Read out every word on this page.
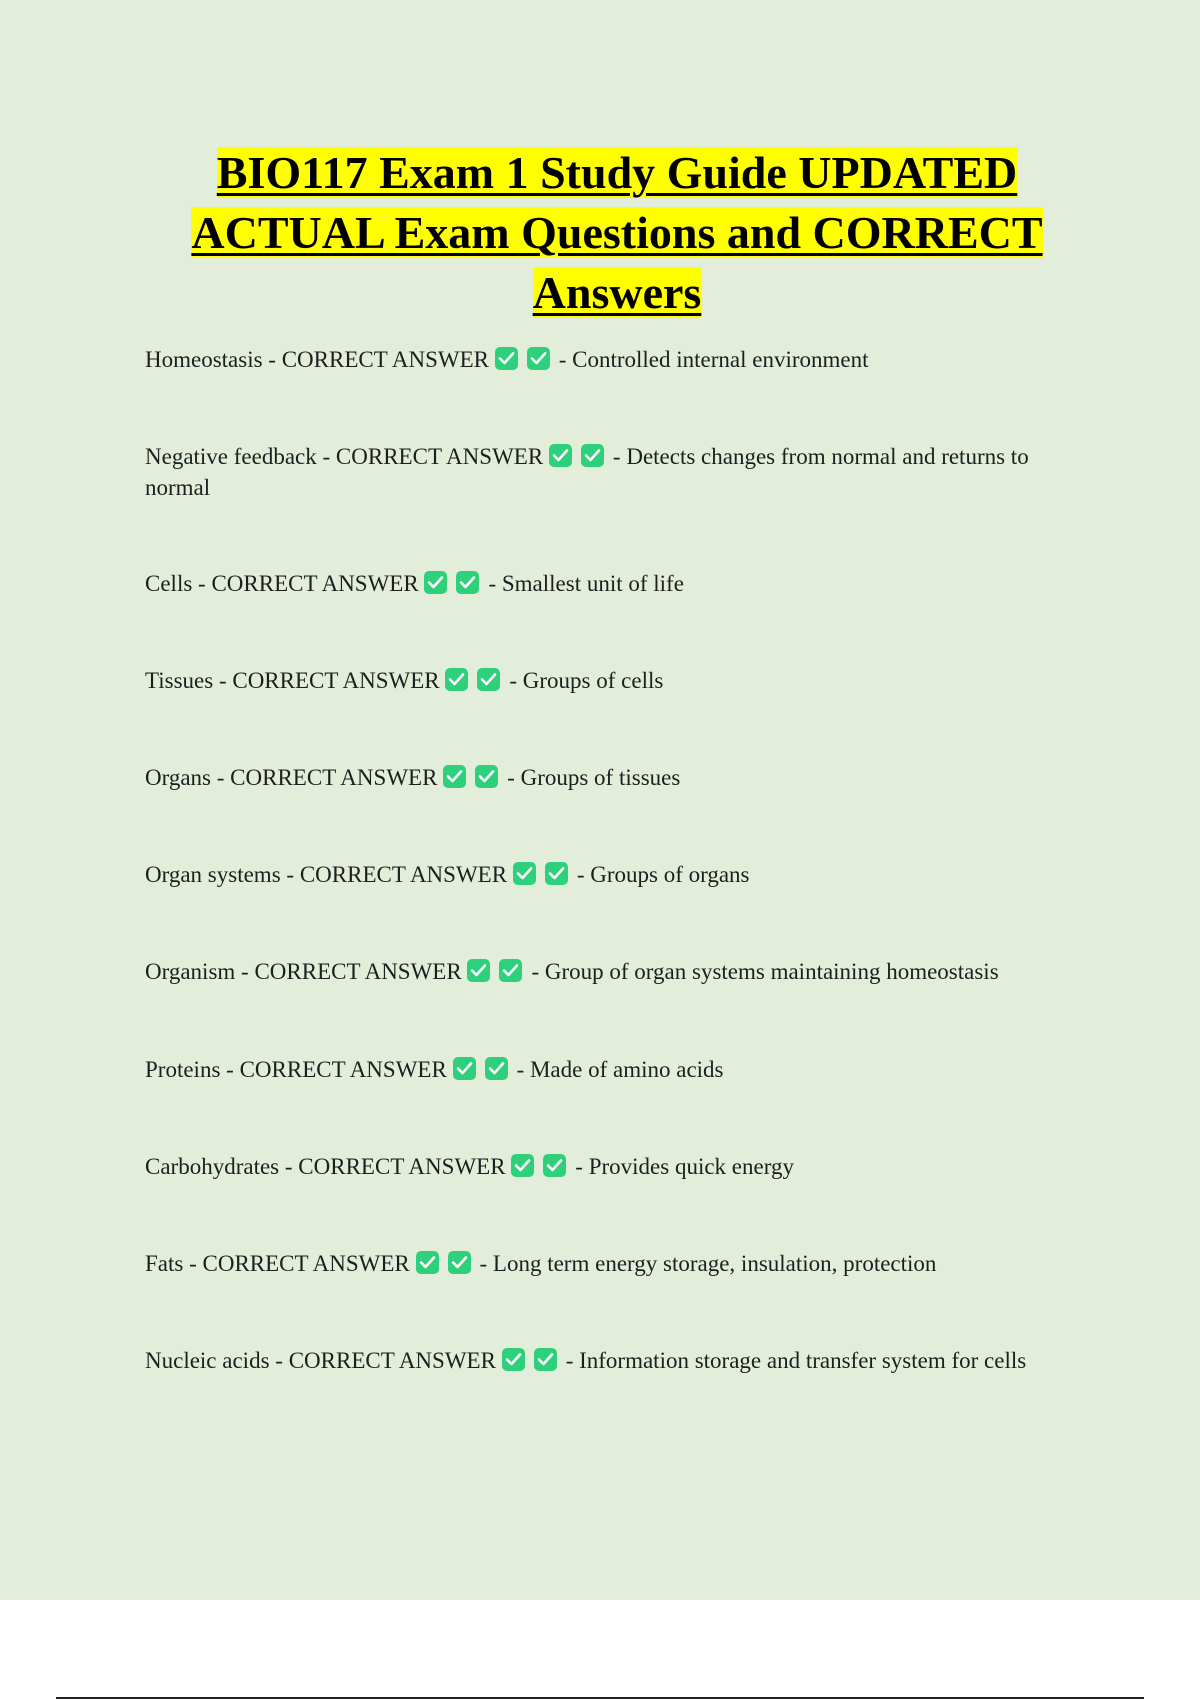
BIO117 Exam 1 Study Guide UPDATED
ACTUAL Exam Questions and CORRECT
Answers
Homeostasis - CORRECT ANSWER	- Controlled internal environment
Negative feedback - CORRECT ANSWER	- Detects changes from normal and returns to normal
Cells - CORRECT ANSWER	- Smallest unit of life
Tissues - CORRECT ANSWER	- Groups of cells
Organs - CORRECT ANSWER	- Groups of tissues
Organ systems - CORRECT ANSWER	- Groups of organs
Organism - CORRECT ANSWER	- Group of organ systems maintaining homeostasis
Proteins - CORRECT ANSWER	- Made of amino acids
Carbohydrates - CORRECT ANSWER	- Provides quick energy
Fats - CORRECT ANSWER	- Long term energy storage, insulation, protection
Nucleic acids - CORRECT ANSWER	- Information storage and transfer system for cells
